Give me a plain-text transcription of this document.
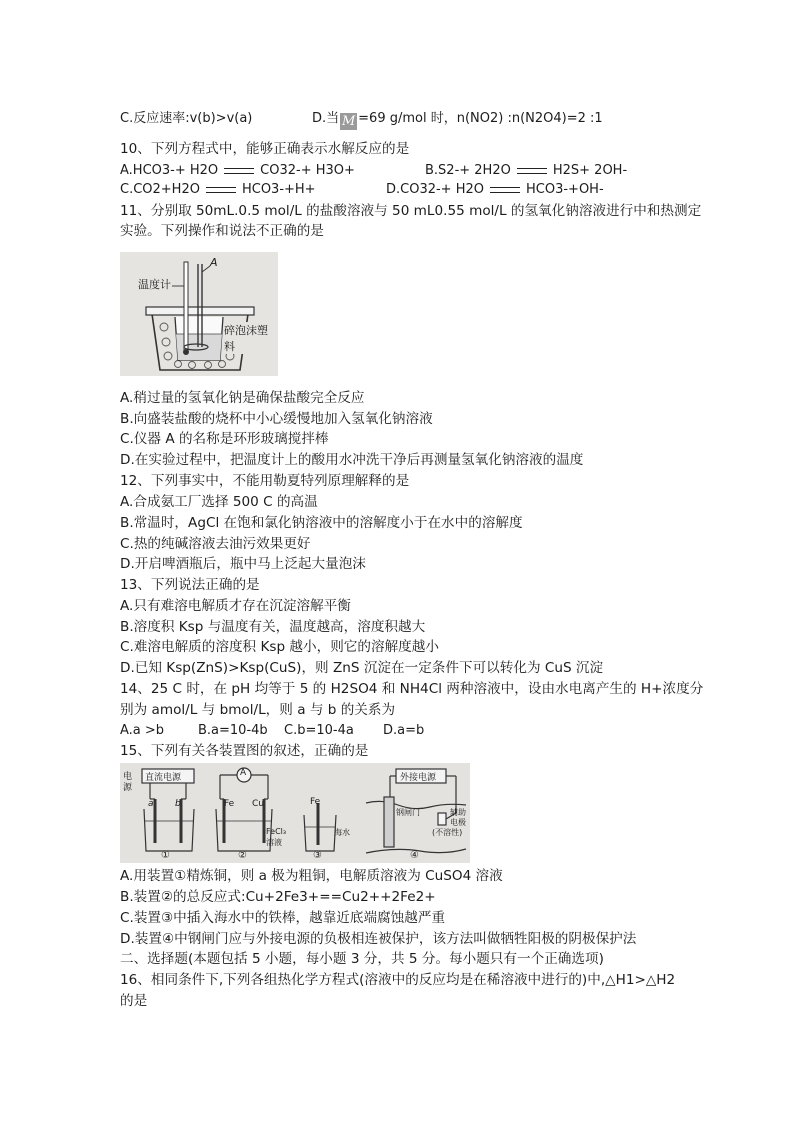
C.反应速率:v(b)>v(a)	D.当 M =69 g/mol 时，n(NO2) :n(N2O4)=2 :1
10、下列方程式中，能够正确表示水解反应的是
A.HCO3-+ H2O	CO32-+ H3O+	B.S2-+ 2H2O	H2S+ 2OH-
C.CO2+H2O	HCO3-+H+	D.CO32-+ H2O	HCO3-+OH-
11、分别取 50mL.0.5 mol/L 的盐酸溶液与 50 mL0.55 mol/L 的氢氧化钠溶液进行中和热测定
实验。下列操作和说法不正确的是
温度计
A
碎泡沫塑料
A.稍过量的氢氧化钠是确保盐酸完全反应
B.向盛装盐酸的烧杯中小心缓慢地加入氢氧化钠溶液
C.仪器 A 的名称是环形玻璃搅拌棒
D.在实验过程中，把温度计上的酸用水冲洗干净后再测量氢氧化钠溶液的温度
12、下列事实中，不能用勒夏特列原理解释的是
A.合成氨工厂选择 500 C 的高温
B.常温时，AgCl 在饱和氯化钠溶液中的溶解度小于在水中的溶解度
C.热的纯碱溶液去油污效果更好
D.开启啤酒瓶后，瓶中马上泛起大量泡沫
13、下列说法正确的是
A.只有难溶电解质才存在沉淀溶解平衡
B.溶度积 Ksp 与温度有关，温度越高，溶度积越大
C.难溶电解质的溶度积 Ksp 越小，则它的溶解度越小
D.已知 Ksp(ZnS)>Ksp(CuS)，则 ZnS 沉淀在一定条件下可以转化为 CuS 沉淀
14、25 C 时，在 pH 均等于 5 的 H2SO4 和 NH4Cl 两种溶液中，设由水电离产生的 H+浓度分
别为 amol/L 与 bmol/L，则 a 与 b 的关系为
A.a >b	B.a=10-4b C.b=10-4a D.a=b
15、下列有关各装置图的叙述，正确的是
电
源
直流电源	A	外接电源
a b	Fe Cu
FeCl₃
溶液
Fe
海水
钢闸门	辅助
电极
(不溶性)
①	②	③	④
A.用装置①精炼铜，则 a 极为粗铜，电解质溶液为 CuSO4 溶液
B.装置②的总反应式:Cu+2Fe3+==Cu2++2Fe2+
C.装置③中插入海水中的铁棒，越靠近底端腐蚀越严重
D.装置④中钢闸门应与外接电源的负极相连被保护，该方法叫做牺牲阳极的阴极保护法
二、选择题(本题包括 5 小题，每小题 3 分，共 5 分。每小题只有一个正确选项)
16、相同条件下,下列各组热化学方程式(溶液中的反应均是在稀溶液中进行的)中,△H1>△H2
的是
